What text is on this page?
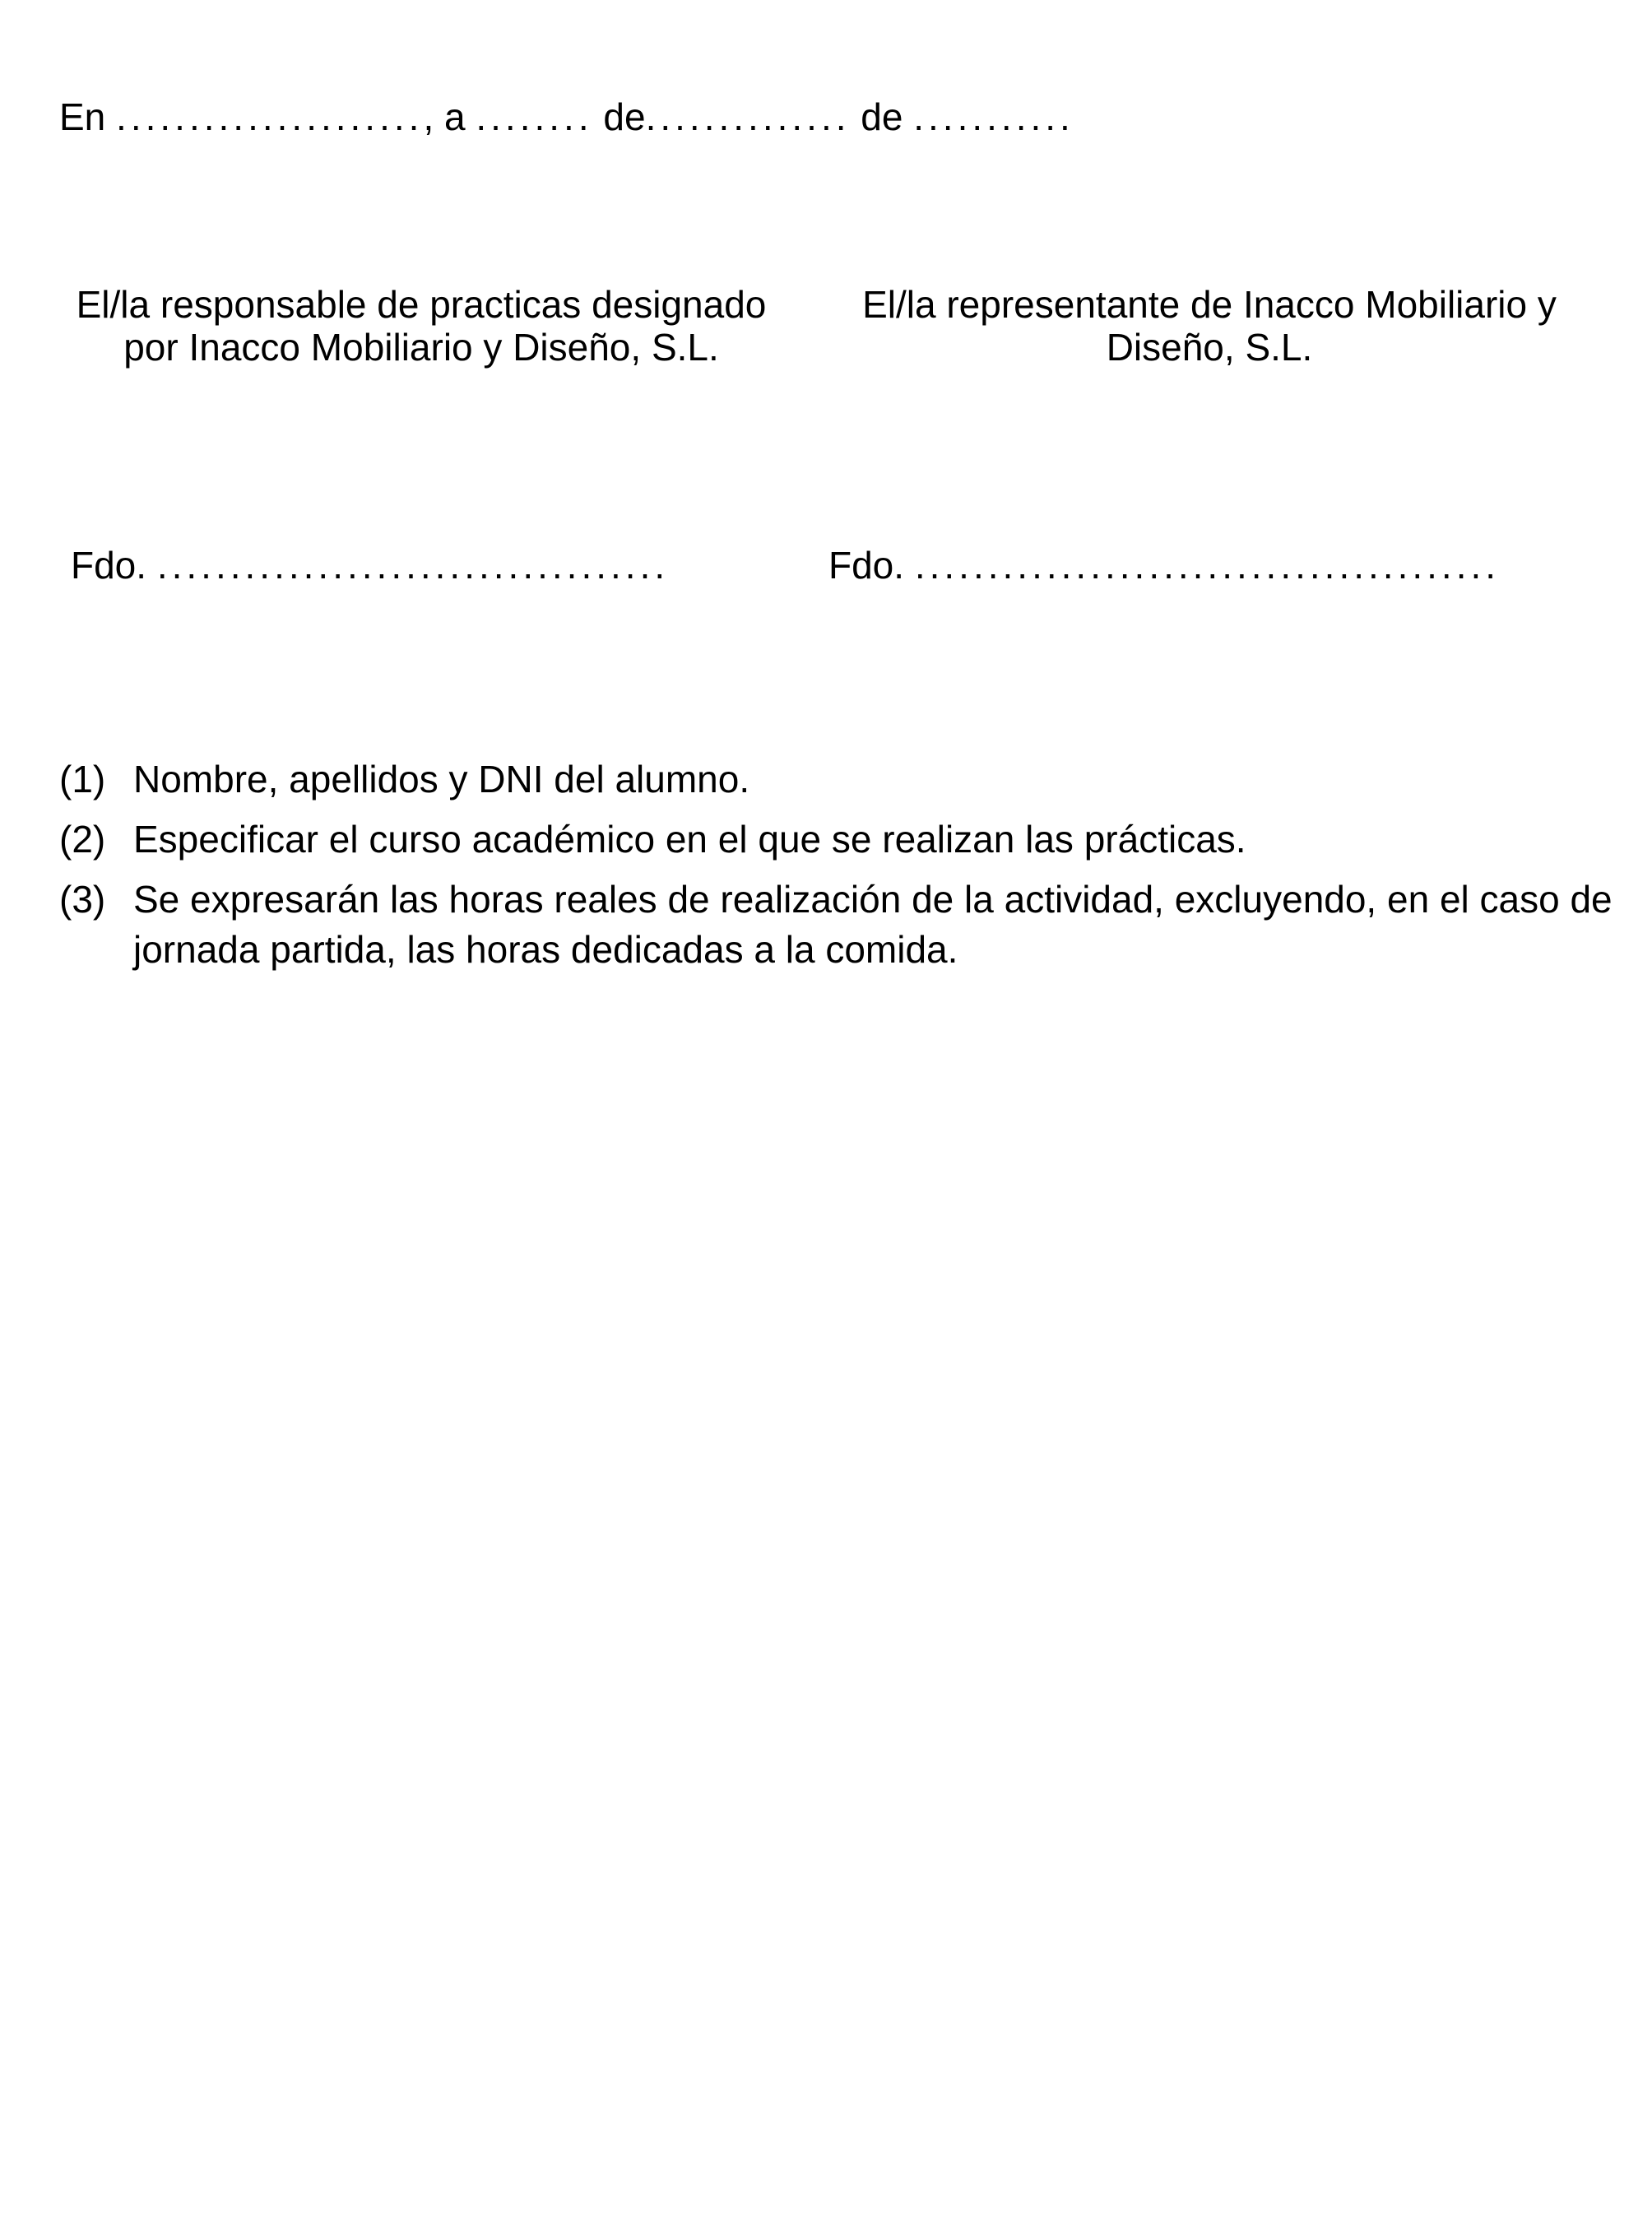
En ....................., a ........ de.............. de ...........

El/la responsable de practicas designado por Inacco Mobiliario y Diseño, S.L.

Fdo. ...................................

El/la representante de Inacco Mobiliario y Diseño, S.L.

Fdo. ........................................

(1) Nombre, apellidos y DNI del alumno.
(2) Especificar el curso académico en el que se realizan las prácticas.
(3) Se expresarán las horas reales de realización de la actividad, excluyendo, en el caso de jornada partida, las horas dedicadas a la comida.
